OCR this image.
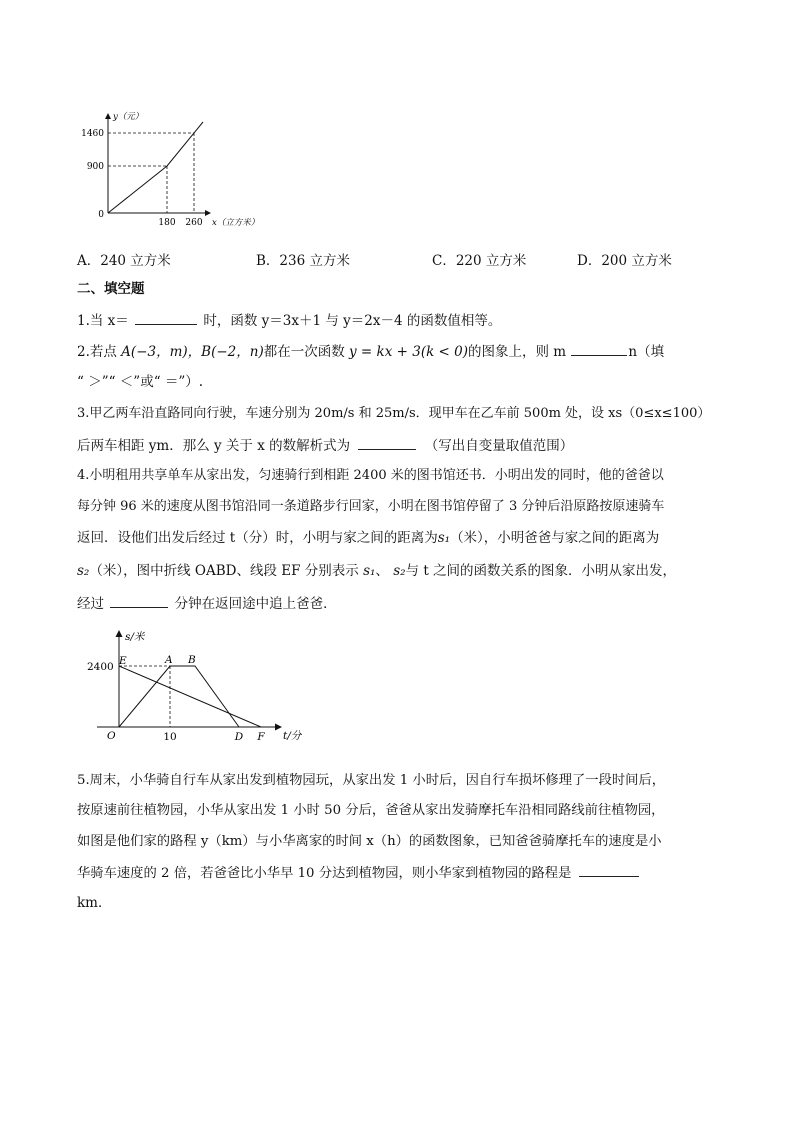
y（元）
1460
900
0
180 260 x（立方米）
A．240 立方米	B．236 立方米	C．220 立方米	D．200 立方米
二、填空题
1.当 x＝	时，函数 y＝3x＋1 与 y＝2x－4 的函数值相等。
2.若点 A(−3，m)，B(−2，n)都在一次函数 y = kx + 3(k < 0)的图象上，则 m	n（填
“ ＞”“ ＜”或“ ＝”）.
3.甲乙两车沿直路同向行驶，车速分别为 20m/s 和 25m/s．现甲车在乙车前 500m 处，设 xs（0≤x≤100）
后两车相距 ym．那么 y 关于 x 的数解析式为	（写出自变量取值范围）
4.小明租用共享单车从家出发，匀速骑行到相距 2400 米的图书馆还书．小明出发的同时，他的爸爸以
每分钟 96 米的速度从图书馆沿同一条道路步行回家，小明在图书馆停留了 3 分钟后沿原路按原速骑车
返回．设他们出发后经过 t（分）时，小明与家之间的距离为s₁（米），小明爸爸与家之间的距离为
s₂（米），图中折线 OABD、线段 EF 分别表示 s₁、 s₂与 t 之间的函数关系的图象．小明从家出发，
经过	分钟在返回途中追上爸爸．
s/米
2400 E	A B
O	10	D F t/分
5.周末，小华骑自行车从家出发到植物园玩，从家出发 1 小时后，因自行车损坏修理了一段时间后，
按原速前往植物园，小华从家出发 1 小时 50 分后，爸爸从家出发骑摩托车沿相同路线前往植物园，
如图是他们家的路程 y（km）与小华离家的时间 x（h）的函数图象，已知爸爸骑摩托车的速度是小
华骑车速度的 2 倍，若爸爸比小华早 10 分达到植物园，则小华家到植物园的路程是
km．
